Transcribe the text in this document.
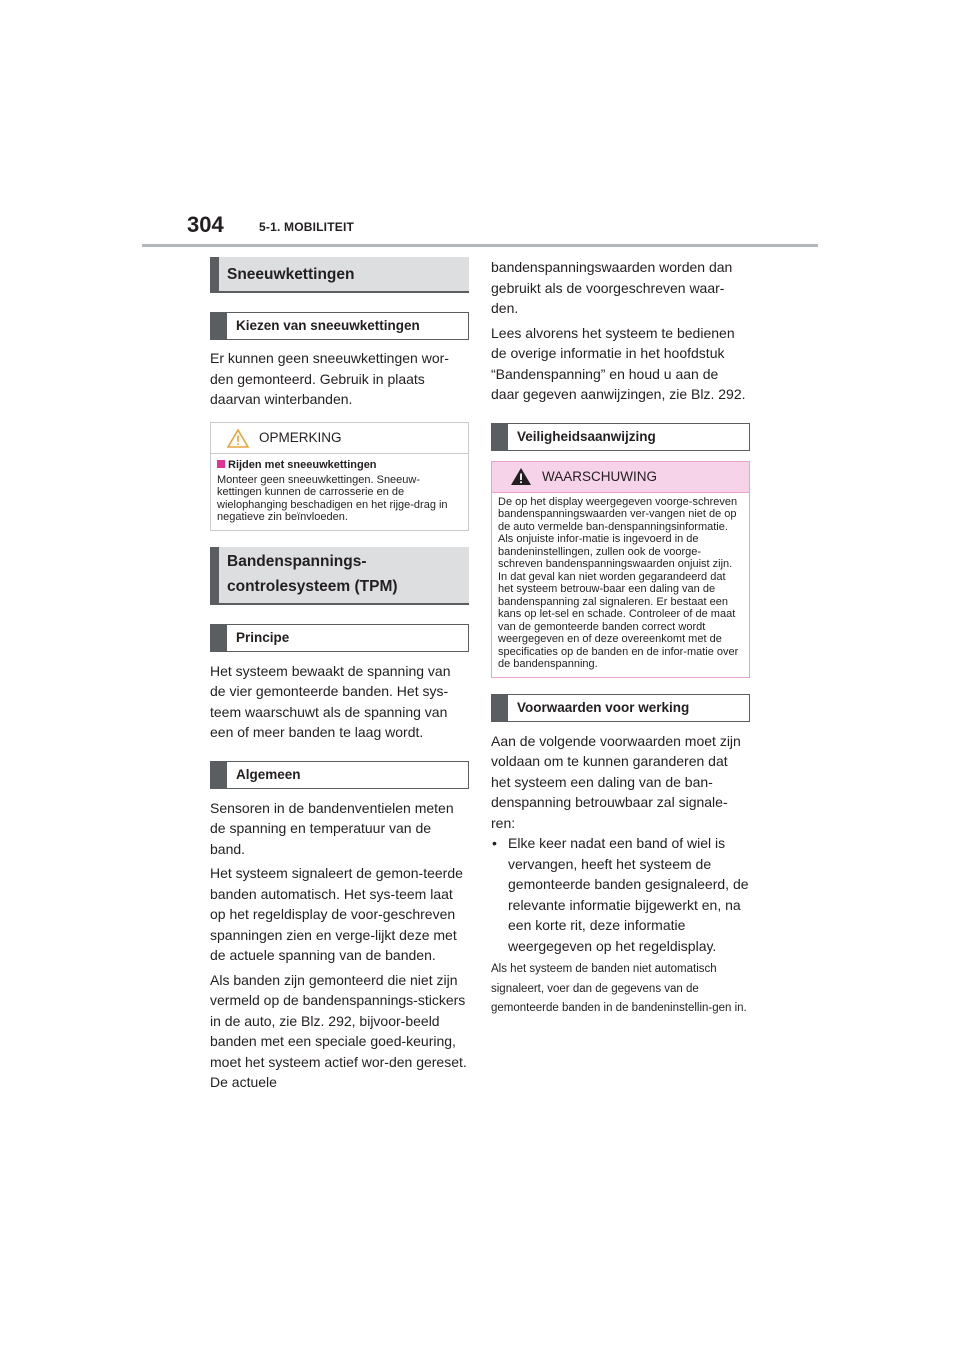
304	5-1. MOBILITEIT
Sneeuwkettingen
Kiezen van sneeuwkettingen

Er kunnen geen sneeuwkettingen wor-den gemonteerd. Gebruik in plaats daarvan winterbanden.

OPMERKING

Rijden met sneeuwkettingen

Monteer geen sneeuwkettingen. Sneeuw-kettingen kunnen de carrosserie en de wielophanging beschadigen en het rijge-drag in negatieve zin beïnvloeden.

Bandenspannings-
controlesysteem (TPM)
Principe

Het systeem bewaakt de spanning van de vier gemonteerde banden. Het sys-teem waarschuwt als de spanning van een of meer banden te laag wordt.

Algemeen

Sensoren in de bandenventielen meten de spanning en temperatuur van de band.

Het systeem signaleert de gemon-teerde banden automatisch. Het sys-teem laat op het regeldisplay de voor-geschreven spanningen zien en verge-lijkt deze met de actuele spanning van de banden.

Als banden zijn gemonteerd die niet zijn vermeld op de bandenspannings-stickers in de auto, zie Blz. 292, bijvoor-beeld banden met een speciale goed-keuring, moet het systeem actief wor-den gereset. De actuele

bandenspanningswaarden worden dan gebruikt als de voorgeschreven waar-den.

Lees alvorens het systeem te bedienen de overige informatie in het hoofdstuk “Bandenspanning” en houd u aan de daar gegeven aanwijzingen, zie Blz. 292.

Veiligheidsaanwijzing
WAARSCHUWING

De op het display weergegeven voorge-schreven bandenspanningswaarden ver-vangen niet de op de auto vermelde ban-denspanningsinformatie. Als onjuiste infor-matie is ingevoerd in de bandeninstellingen, zullen ook de voorge-schreven bandenspanningswaarden onjuist zijn. In dat geval kan niet worden gegarandeerd dat het systeem betrouw-baar een daling van de bandenspanning zal signaleren. Er bestaat een kans op let-sel en schade. Controleer of de maat van de gemonteerde banden correct wordt weergegeven en of deze overeenkomt met de specificaties op de banden en de infor-matie over de bandenspanning.

Voorwaarden voor werking

Aan de volgende voorwaarden moet zijn voldaan om te kunnen garanderen dat het systeem een daling van de ban-denspanning betrouwbaar zal signale-ren:

• Elke keer nadat een band of wiel is vervangen, heeft het systeem de gemonteerde banden gesignaleerd, de relevante informatie bijgewerkt en, na een korte rit, deze informatie weergegeven op het regeldisplay.

Als het systeem de banden niet automatisch signaleert, voer dan de gegevens van de gemonteerde banden in de bandeninstellin-gen in.
